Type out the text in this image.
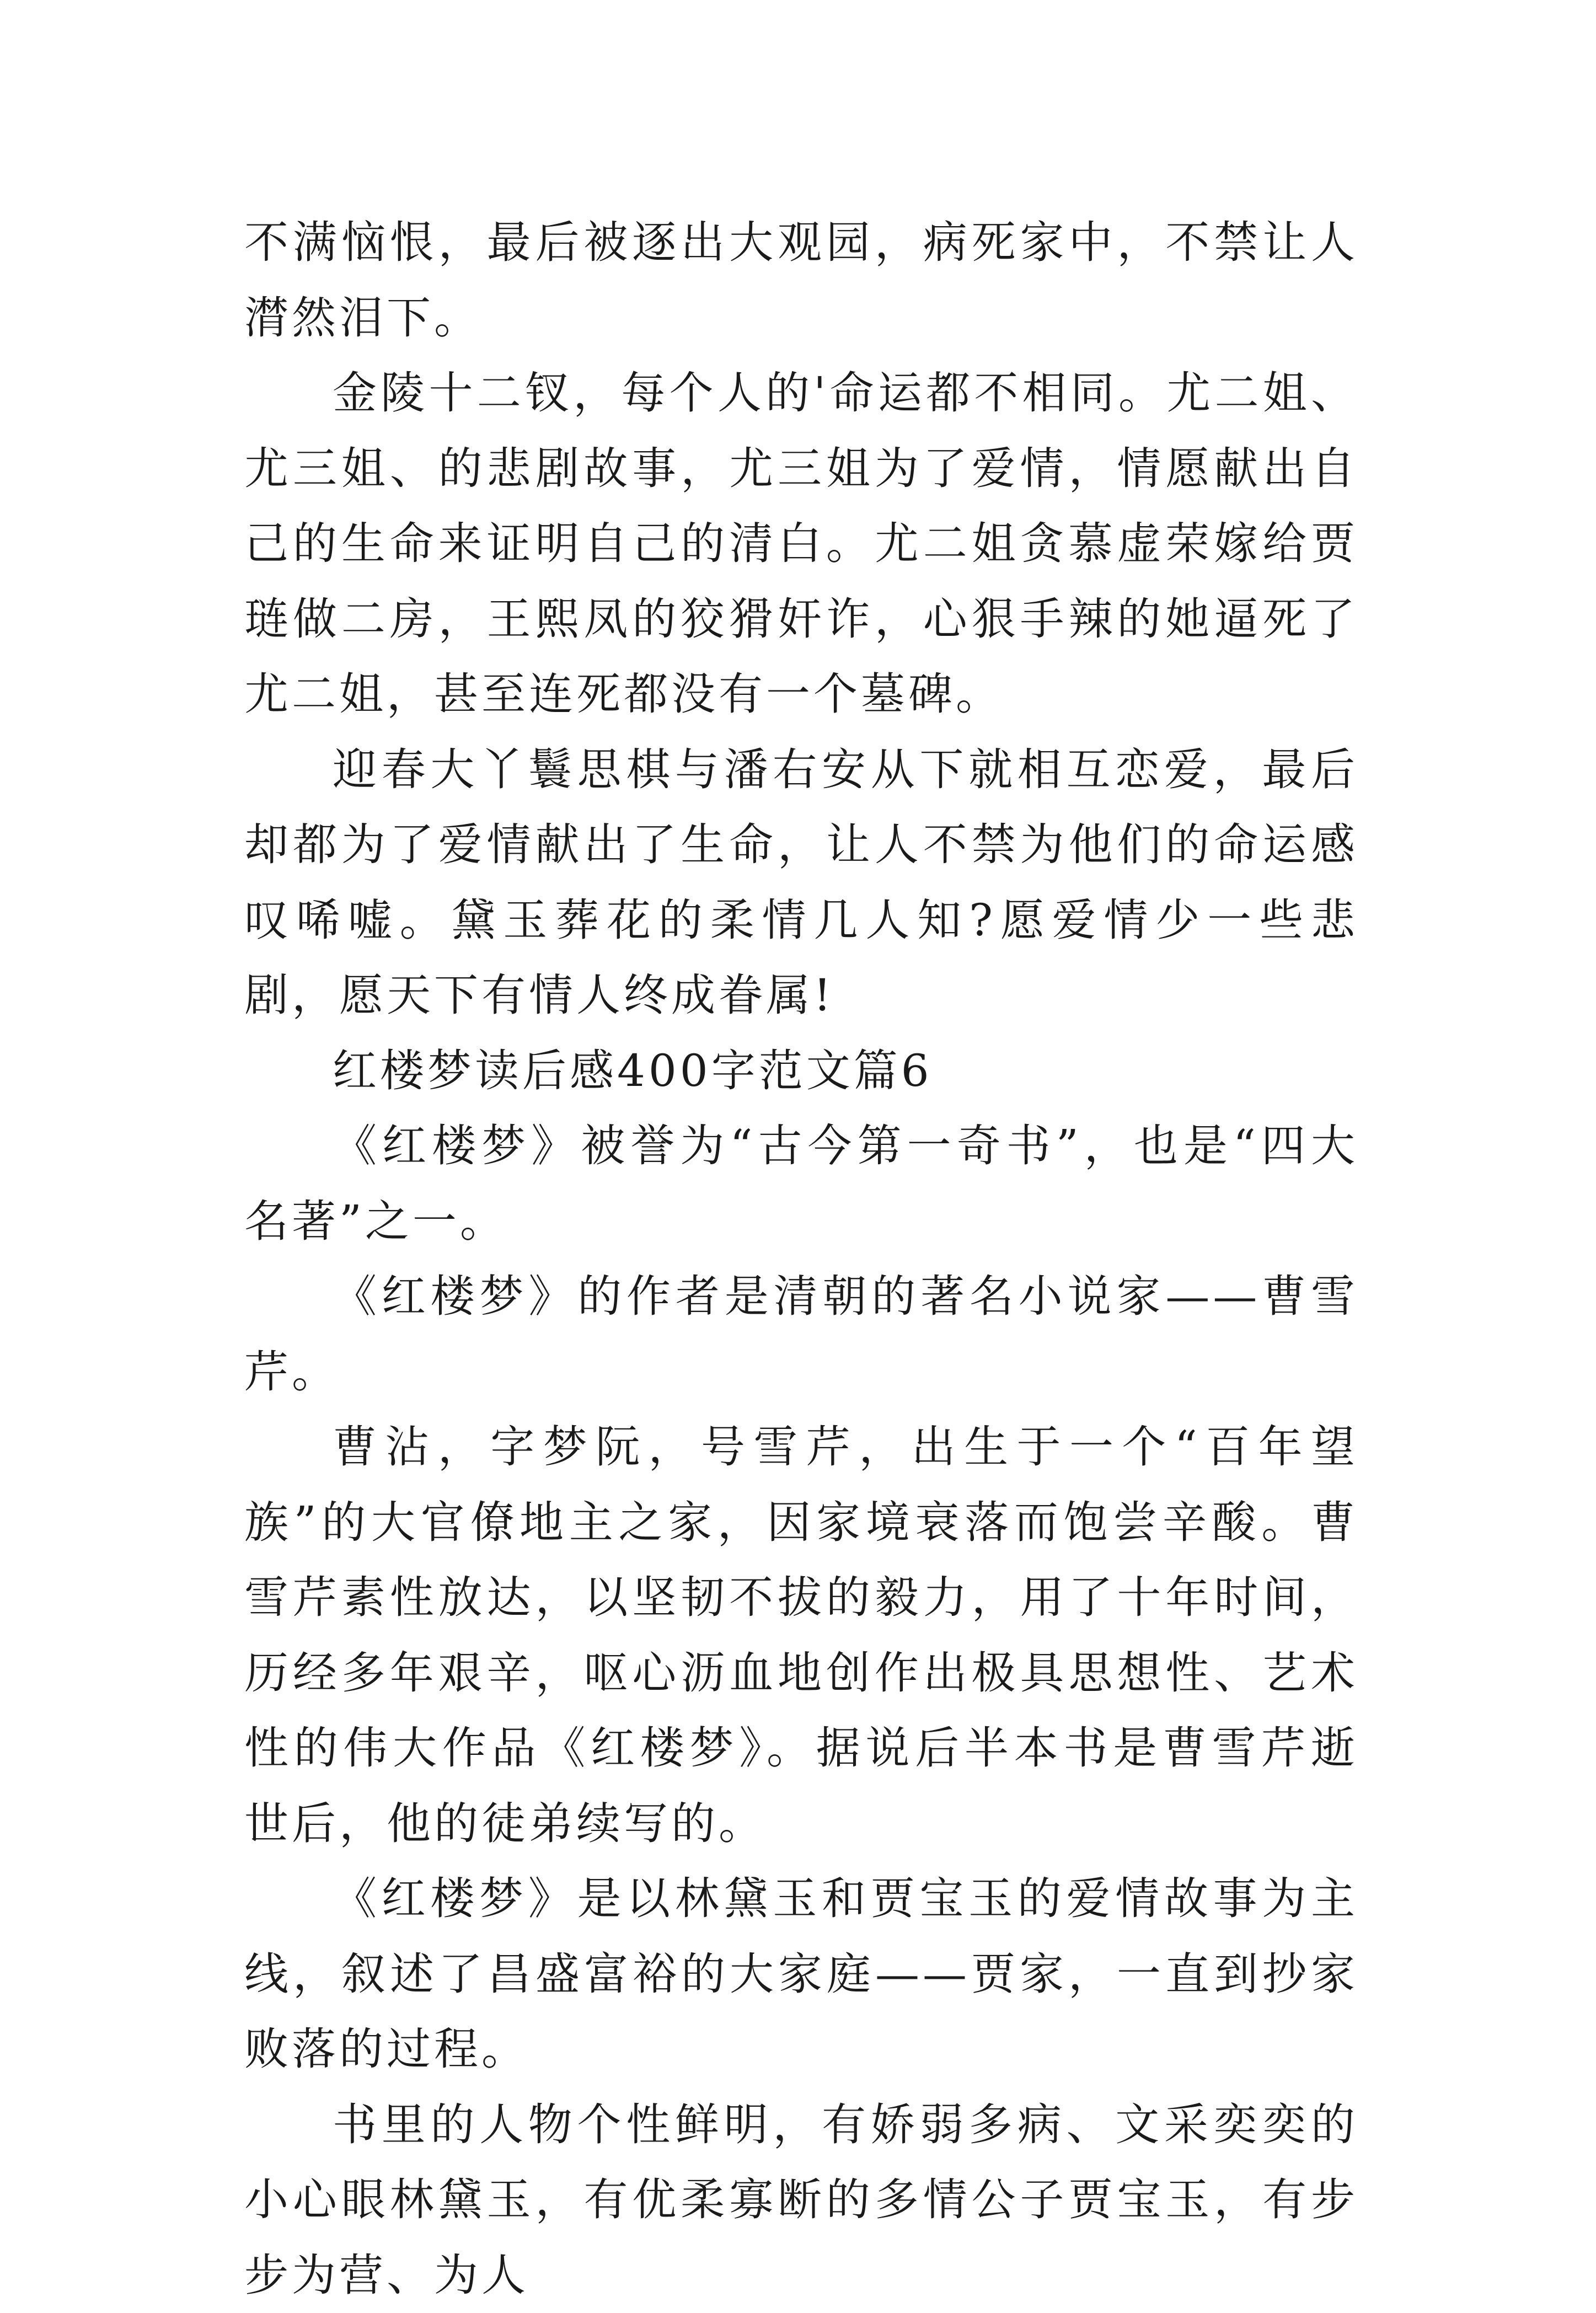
不满恼恨，最后被逐出大观园，病死家中，不禁让人潸然泪下。

金陵十二钗，每个人的'命运都不相同。尤二姐、尤三姐、的悲剧故事，尤三姐为了爱情，情愿献出自己的生命来证明自己的清白。尤二姐贪慕虚荣嫁给贾琏做二房，王熙凤的狡猾奸诈，心狠手辣的她逼死了尤二姐，甚至连死都没有一个墓碑。

迎春大丫鬟思棋与潘右安从下就相互恋爱，最后却都为了爱情献出了生命，让人不禁为他们的命运感叹唏嘘。黛玉葬花的柔情几人知?愿爱情少一些悲剧，愿天下有情人终成眷属!

红楼梦读后感400字范文篇6

《红楼梦》被誉为“古今第一奇书”，也是“四大名著”之一。

《红楼梦》的作者是清朝的著名小说家——曹雪芹。

曹沾，字梦阮，号雪芹，出生于一个“百年望族”的大官僚地主之家，因家境衰落而饱尝辛酸。曹雪芹素性放达，以坚韧不拔的毅力，用了十年时间，历经多年艰辛，呕心沥血地创作出极具思想性、艺术性的伟大作品《红楼梦》。据说后半本书是曹雪芹逝世后，他的徒弟续写的。

《红楼梦》是以林黛玉和贾宝玉的爱情故事为主线，叙述了昌盛富裕的大家庭——贾家，一直到抄家败落的过程。

书里的人物个性鲜明，有娇弱多病、文采奕奕的小心眼林黛玉，有优柔寡断的多情公子贾宝玉，有步步为营、为人
